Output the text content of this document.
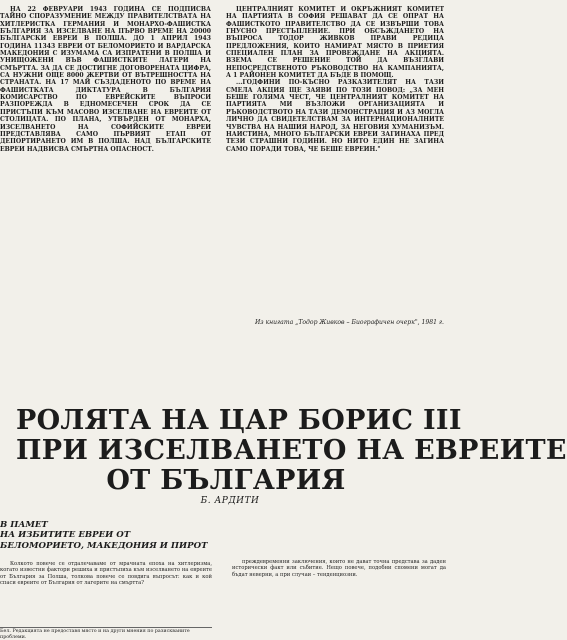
НА 22 ФЕВРУАРИ 1943 ГОДИНА СЕ ПОДПИСВА ТАЙНО СПОРАЗУМЕНИЕ МЕЖДУ ПРАВИТЕЛСТВАТА НА ХИТЛЕРИСТКА ГЕРМАНИЯ И МОНАРХО-ФАШИСТКА БЪЛГАРИЯ ЗА ИЗСЕЛВАНЕ НА ПЪРВО ВРЕМЕ НА 20000 БЪЛГАРСКИ ЕВРЕИ В ПОЛША. ДО 1 АПРИЛ 1943 ГОДИНА 11343 ЕВРЕИ ОТ БЕЛОМОРИЕТО И ВАРДАРСКА МАКЕДОНИЯ С ИЗУМАМА СА ИЗПРАТЕНИ В ПОЛША И УНИЩОЖЕНИ ВЪВ ФАШИСТКИТЕ ЛАГЕРИ НА СМЪРТТА. ЗА ДА СЕ ДОСТИГНЕ ДОГОВОРЕНАТА ЦИФРА, СА НУЖНИ ОЩЕ 8000 ЖЕРТВИ ОТ ВЪТРЕШНОСТТА НА СТРАНАТА. НА 17 МАЙ СЪЗДАДЕНОТО ПО ВРЕМЕ НА ФАШИСТКАТА ДИКТАТУРА В БЪЛГАРИЯ КОМИСАРСТВО ПО ЕВРЕЙСКИТЕ ВЪПРОСИ РАЗПОРЕЖДА В ЕДНОМЕСЕЧЕН СРОК ДА СЕ ПРИСТЪПИ КЪМ МАСОВО ИЗСЕЛВАНЕ НА ЕВРЕИТЕ ОТ СТОЛИЦАТА. ПО ПЛАНА, УТВЪРДЕН ОТ МОНАРХА, ИЗСЕЛВАНЕТО НА СОФИЙСКИТЕ ЕВРЕИ ПРЕДСТАВЛЯВА САМО ПЪРВИЯТ ЕТАП ОТ ДЕПОРТИРАНЕТО ИМ В ПОЛША. НАД БЪЛГАРСКИТЕ ЕВРЕИ НАДВИСВА СМЪРТНА ОПАСНОСТ.

ЦЕНТРАЛНИЯТ КОМИТЕТ И ОКРЪЖНИЯТ КОМИТЕТ НА ПАРТИЯТА В СОФИЯ РЕШАВАТ ДА СЕ ОПРАТ НА ФАШИСТКОТО ПРАВИТЕЛСТВО ДА СЕ ИЗВЪРШИ ТОВА ГНУСНО ПРЕСТЪПЛЕНИЕ. ПРИ ОБСЪЖДАНЕТО НА ВЪПРОСА ТОДОР ЖИВКОВ ПРАВИ РЕДИЦА ПРЕДЛОЖЕНИЯ, КОИТО НАМИРАТ МЯСТО В ПРИЕТИЯ СПЕЦИАЛЕН ПЛАН ЗА ПРОВЕЖДАНЕ НА АКЦИЯТА. ВЗЕМА СЕ РЕШЕНИЕ ТОЙ ДА ВЪЗГЛАВИ НЕПОСРЕДСТВЕНОТО РЪКОВОДСТВО НА КАМПАНИЯТА, А 1 РАЙОНЕН КОМИТЕТ ДА БЪДЕ В ПОМОЩ.

...ГОДФИНИ ПО-КЪСНО РАЗКАЗИТЕЛЯТ НА ТАЗИ СМЕЛА АКЦИЯ ЩЕ ЗАЯВИ ПО ТОЗИ ПОВОД: „ЗА МЕН БЕШЕ ГОЛЯМА ЧЕСТ, ЧЕ ЦЕНТРАЛНИЯТ КОМИТЕТ НА ПАРТИЯТА МИ ВЪЗЛОЖИ ОРГАНИЗАЦИЯТА И РЪКОВОДСТВОТО НА ТАЗИ ДЕМОНСТРАЦИЯ И АЗ МОГЛА ЛИЧНО ДА СВИДЕТЕЛСТВАМ ЗА ИНТЕРНАЦИОНАЛНИТЕ ЧУВСТВА НА НАШИЯ НАРОД, ЗА НЕГОВИЯ ХУМАНИЗЪМ. НАИСТИНА, МНОГО БЪЛГАРСКИ ЕВРЕИ ЗАГИНАХА ПРЕД ТЕЗИ СТРАШНИ ГОДИНИ. НО НИТО ЕДИН НЕ ЗАГИНА САМО ПОРАДИ ТОВА, ЧЕ БЕШЕ ЕВРЕИН."

Из книгата „Тодор Живков – Биографичен очерк", 1981 г.
РОЛЯТА НА ЦАР БОРИС III
ПРИ ИЗСЕЛВАНЕТО НА ЕВРЕИТЕ
ОТ БЪЛГАРИЯ
Б. АРДИТИ
В ПАМЕТ
НА ИЗБИТИТЕ ЕВРЕИ ОТ
БЕЛОМОРИЕТО, МАКЕДОНИЯ И ПИРОТ

Колкото повече се отдалечаваме от мрачната епоха на хитлеризма, когато известни фактори решиха и пристъпиха към изселването на евреите от България за Полша, толкова повече се повдига въпросът: как и кой спаси евреите от България от лагерите на смъртта?

преждевременни заключения, които не дават точна представа за даден исторически факт или събитие. Нещо повече, подобни спомени могат да бъдат неверни, а при случаи – тенденциозни.

Бел. Редакцията не предоставя място и на други мнения по разискваните проблеми.
